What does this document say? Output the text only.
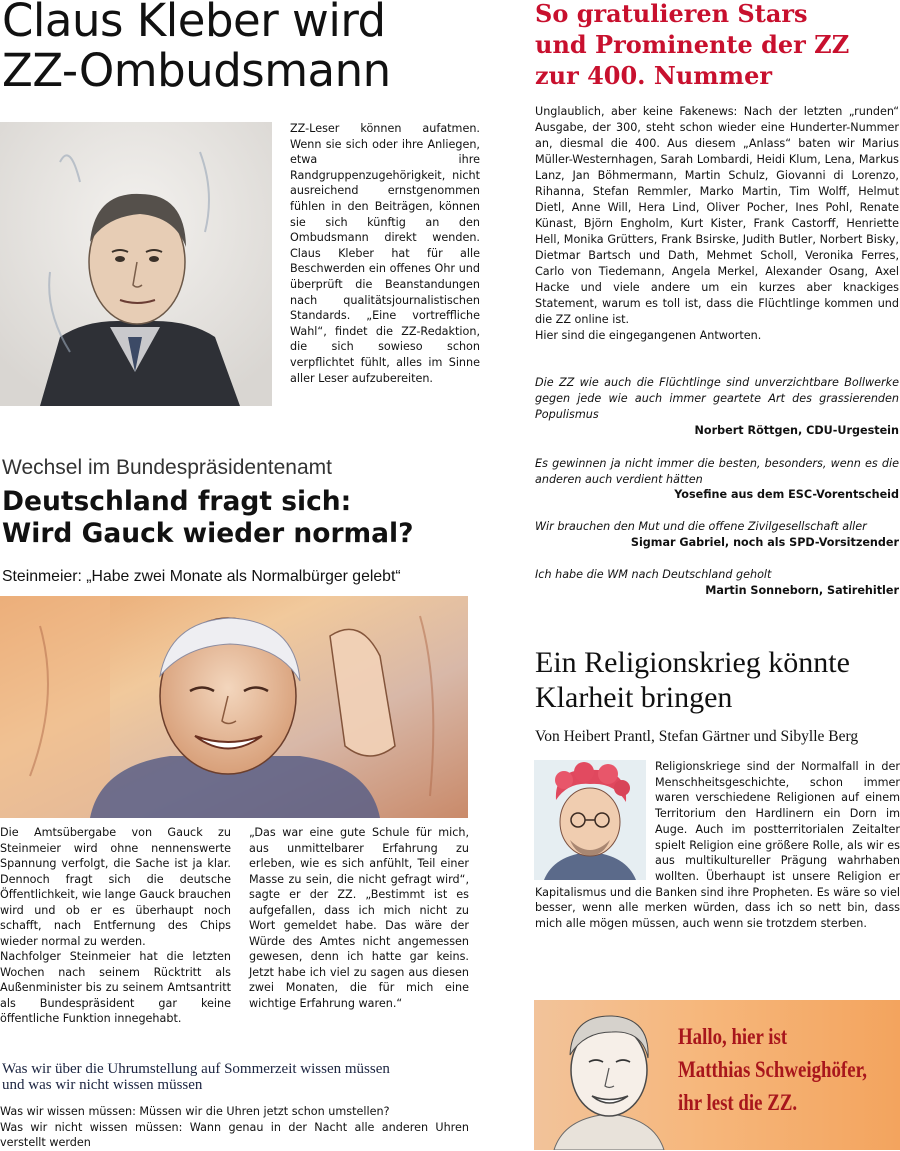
Claus Kleber wird
ZZ-Ombudsmann
ZZ-Leser können aufatmen. Wenn sie sich oder ihre Anliegen, etwa ihre Randgruppenzugehörigkeit, nicht ausreichend ernstgenommen fühlen in den Beiträgen, können sie sich künftig an den Ombudsmann direkt wenden. Claus Kleber hat für alle Beschwerden ein offenes Ohr und überprüft die Beanstandungen nach qualitätsjournalistischen Standards. „Eine vortreffliche Wahl“, findet die ZZ-Redaktion, die sich sowieso schon verpflichtet fühlt, alles im Sinne aller Leser aufzubereiten.
Wechsel im Bundespräsidentenamt
Deutschland fragt sich:
Wird Gauck wieder normal?
Steinmeier: „Habe zwei Monate als Normalbürger gelebt“

Die Amtsübergabe von Gauck zu Steinmeier wird ohne nennenswerte Spannung verfolgt, die Sache ist ja klar. Dennoch fragt sich die deutsche Öffentlichkeit, wie lange Gauck brauchen wird und ob er es überhaupt noch schafft, nach Entfernung des Chips wieder normal zu werden.

Nachfolger Steinmeier hat die letzten Wochen nach seinem Rücktritt als Außenminister bis zu seinem Amtsantritt als Bundespräsident gar keine öffentliche Funktion innegehabt.

„Das war eine gute Schule für mich, aus unmittelbarer Erfahrung zu erleben, wie es sich anfühlt, Teil einer Masse zu sein, die nicht gefragt wird“, sagte er der ZZ. „Bestimmt ist es aufgefallen, dass ich mich nicht zu Wort gemeldet habe. Das wäre der Würde des Amtes nicht angemessen gewesen, denn ich hatte gar keins. Jetzt habe ich viel zu sagen aus diesen zwei Monaten, die für mich eine wichtige Erfahrung waren.“
Was wir über die Uhrumstellung auf Sommerzeit wissen müssen
und was wir nicht wissen müssen

Was wir wissen müssen: Müssen wir die Uhren jetzt schon umstellen?

Was wir nicht wissen müssen: Wann genau in der Nacht alle anderen Uhren verstellt werden

So gratulieren Stars
und Prominente der ZZ
zur 400. Nummer

Unglaublich, aber keine Fakenews: Nach der letzten „runden“ Ausgabe, der 300, steht schon wieder eine Hunderter-Nummer an, diesmal die 400. Aus diesem „Anlass“ baten wir Marius Müller-Westernhagen, Sarah Lombardi, Heidi Klum, Lena, Markus Lanz, Jan Böhmermann, Martin Schulz, Giovanni di Lorenzo, Rihanna, Stefan Remmler, Marko Martin, Tim Wolff, Helmut Dietl, Anne Will, Hera Lind, Oliver Pocher, Ines Pohl, Renate Künast, Björn Engholm, Kurt Kister, Frank Castorff, Henriette Hell, Monika Grütters, Frank Bsirske, Judith Butler, Norbert Bisky, Dietmar Bartsch und Dath, Mehmet Scholl, Veronika Ferres, Carlo von Tiedemann, Angela Merkel, Alexander Osang, Axel Hacke und viele andere um ein kurzes aber knackiges Statement, warum es toll ist, dass die Flüchtlinge kommen und die ZZ online ist.

Hier sind die eingegangenen Antworten.

Die ZZ wie auch die Flüchtlinge sind unverzichtbare Bollwerke gegen jede wie auch immer geartete Art des grassierenden Populismus
Norbert Röttgen, CDU-Urgestein
Es gewinnen ja nicht immer die besten, besonders, wenn es die anderen auch verdient hätten
Yosefine aus dem ESC-Vorentscheid
Wir brauchen den Mut und die offene Zivilgesellschaft aller
Sigmar Gabriel, noch als SPD-Vorsitzender
Ich habe die WM nach Deutschland geholt
Martin Sonneborn, Satirehitler
Ein Religionskrieg könnte
Klarheit bringen
Von Heibert Prantl, Stefan Gärtner und Sibylle Berg
Religionskriege sind der Normalfall in der Menschheitsgeschichte, schon immer waren verschiedene Religionen auf einem Territorium den Hardlinern ein Dorn im Auge. Auch im postterritorialen Zeitalter spielt Religion eine größere Rolle, als wir es aus multikultureller Prägung wahrhaben wollten. Überhaupt ist unsere Religion er Kapitalismus und die Banken sind ihre Propheten. Es wäre so viel besser, wenn alle merken würden, dass ich so nett bin, dass mich alle mögen müssen, auch wenn sie trotzdem sterben.
Hallo, hier ist
Matthias Schweighöfer,
ihr lest die ZZ.
